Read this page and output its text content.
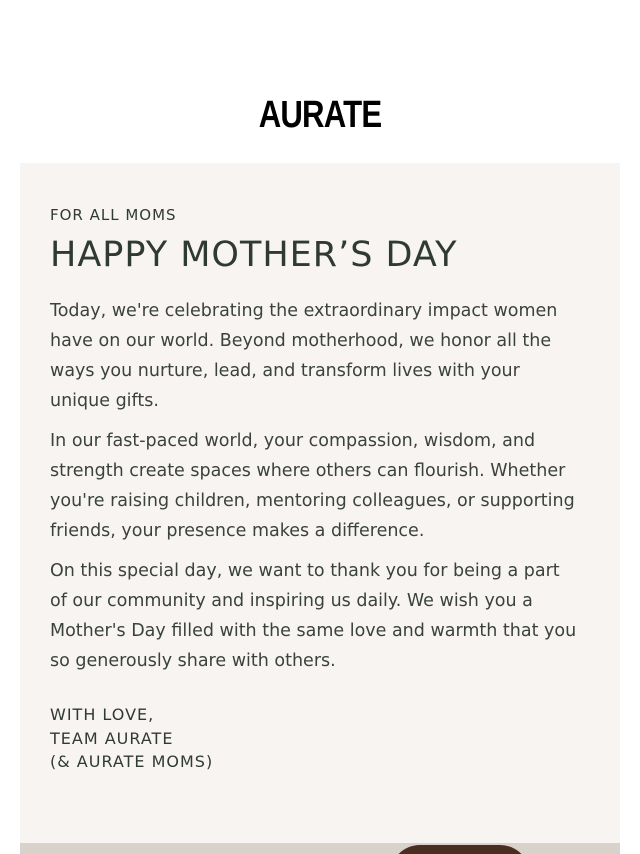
AURATE
FOR ALL MOMS
HAPPY MOTHER’S DAY

Today, we're celebrating the extraordinary impact women have on our world. Beyond motherhood, we honor all the ways you nurture, lead, and transform lives with your unique gifts.

In our fast-paced world, your compassion, wisdom, and strength create spaces where others can flourish. Whether you're raising children, mentoring colleagues, or supporting friends, your presence makes a difference.

On this special day, we want to thank you for being a part of our community and inspiring us daily. We wish you a Mother's Day filled with the same love and warmth that you so generously share with others.

WITH LOVE,
TEAM AURATE
(& AURATE MOMS)
